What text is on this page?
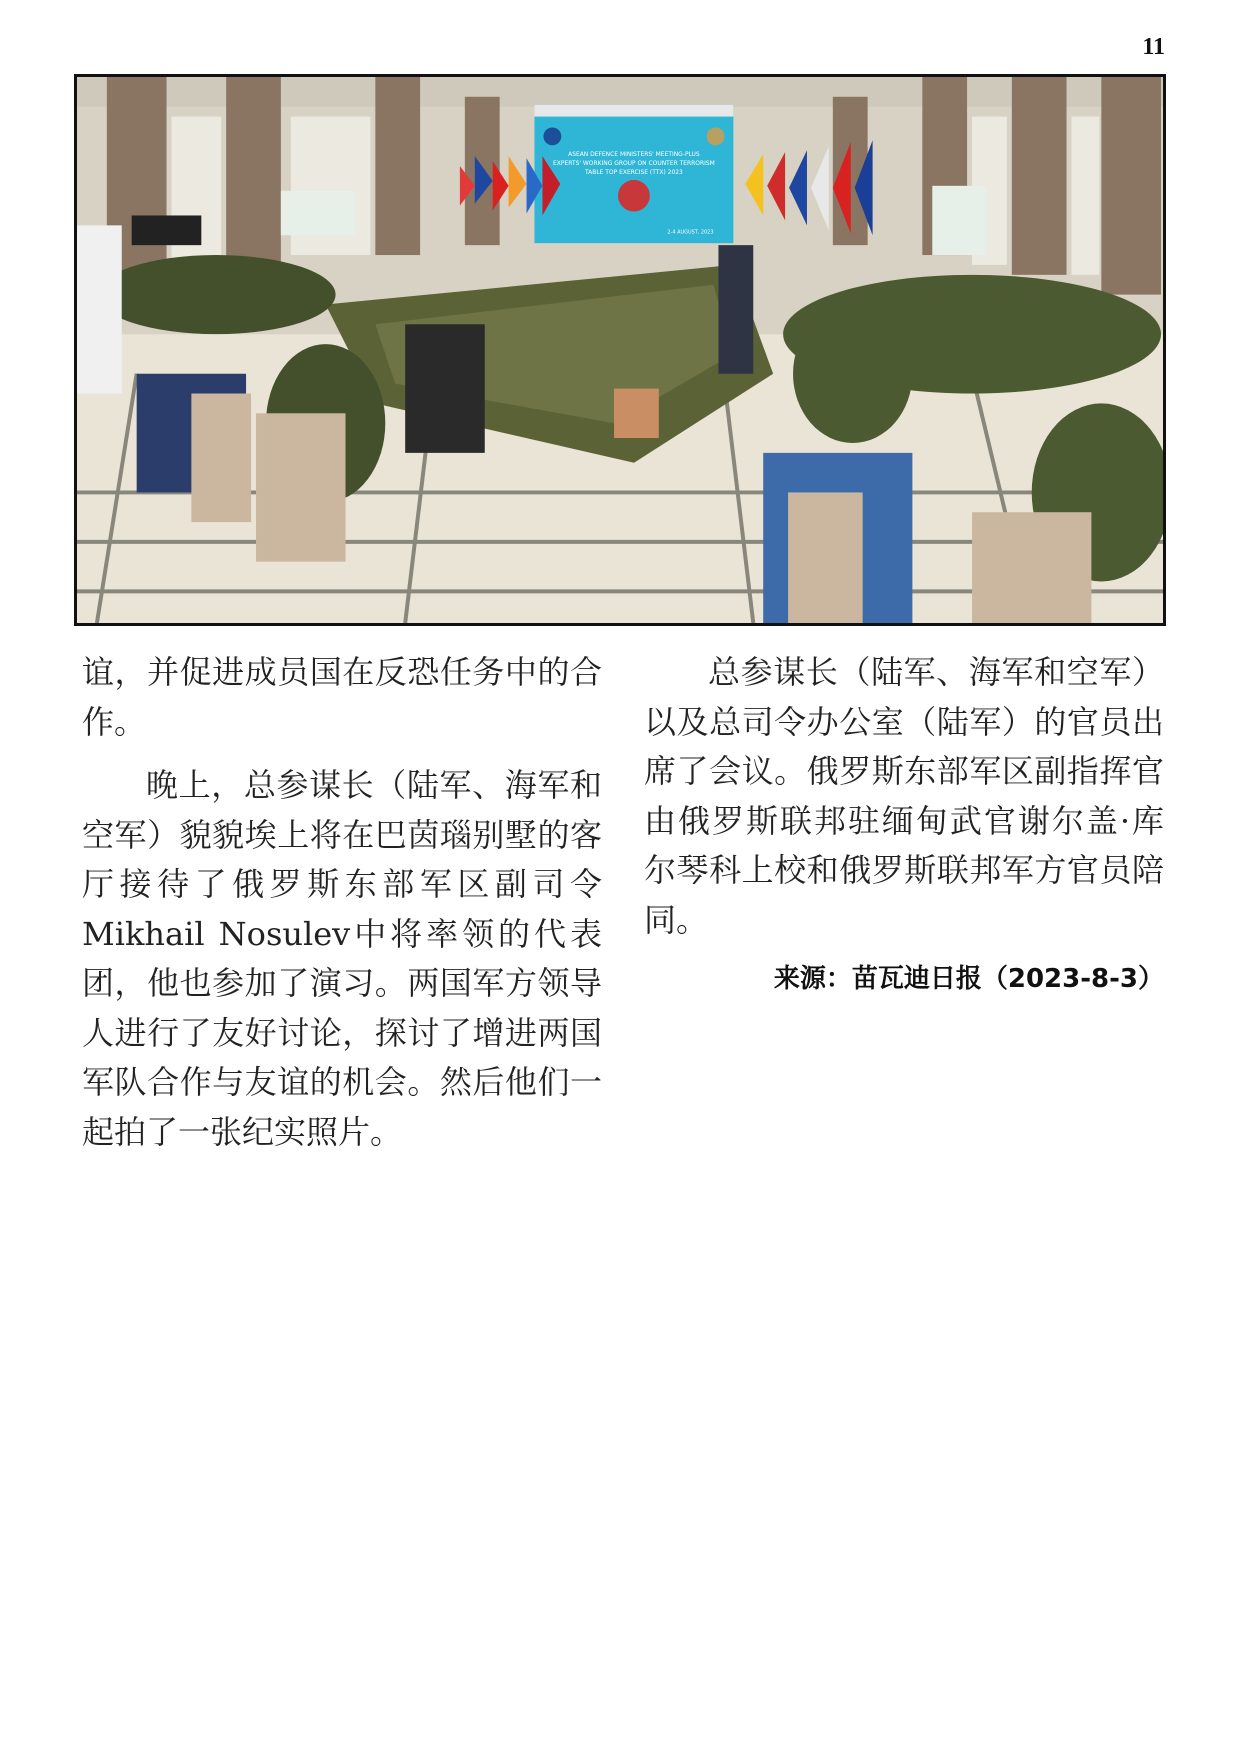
11
ASEAN DEFENCE MINISTERS' MEETING-PLUS
EXPERTS' WORKING GROUP ON COUNTER TERRORISM
TABLE TOP EXERCISE (TTX) 2023
2-4 AUGUST, 2023

谊，并促进成员国在反恐任务中的合作。

晚上，总参谋长（陆军、海军和空军）貌貌埃上将在巴茵瑙别墅的客厅接待了俄罗斯东部军区副司令Mikhail Nosulev中将率领的代表团，他也参加了演习。两国军方领导人进行了友好讨论，探讨了增进两国军队合作与友谊的机会。然后他们一起拍了一张纪实照片。

总参谋长（陆军、海军和空军）以及总司令办公室（陆军）的官员出席了会议。俄罗斯东部军区副指挥官由俄罗斯联邦驻缅甸武官谢尔盖·库尔琴科上校和俄罗斯联邦军方官员陪同。

来源：苗瓦迪日报（2023-8-3）
